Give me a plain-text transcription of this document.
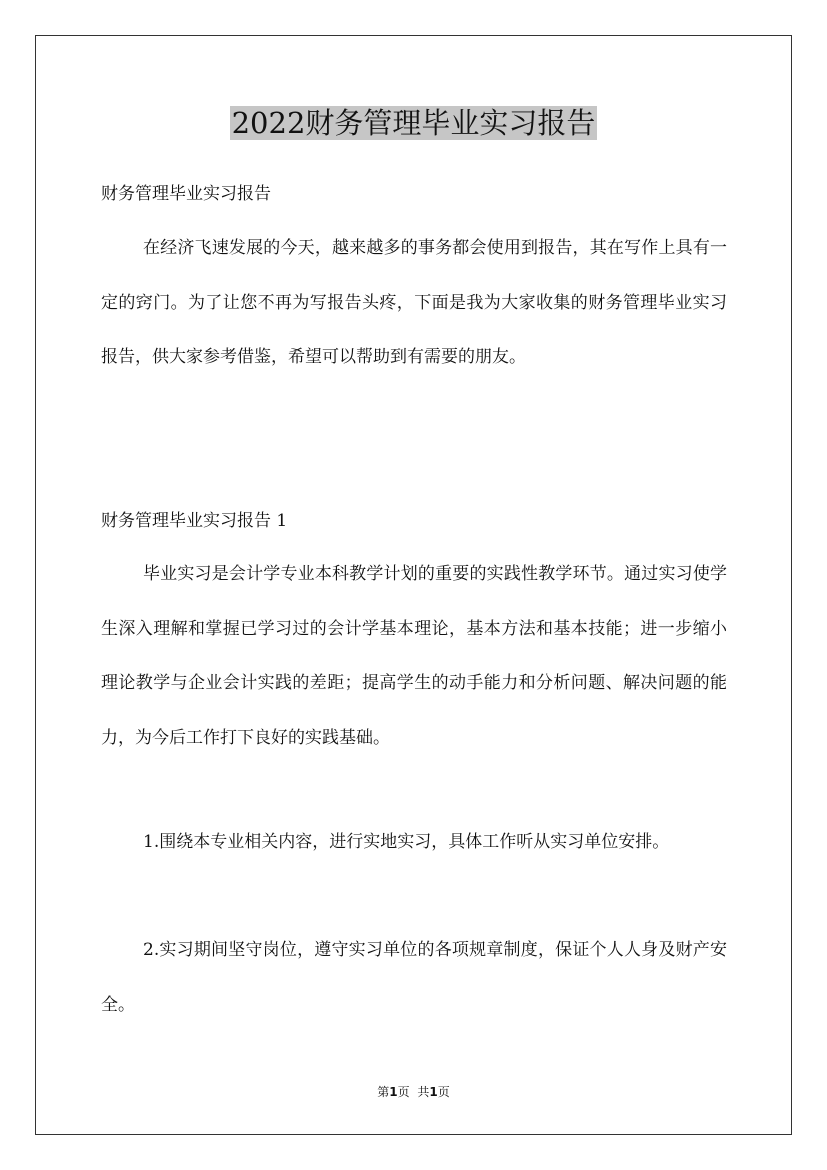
2022财务管理毕业实习报告
财务管理毕业实习报告

在经济飞速发展的今天，越来越多的事务都会使用到报告，其在写作上具有一定的窍门。为了让您不再为写报告头疼，下面是我为大家收集的财务管理毕业实习报告，供大家参考借鉴，希望可以帮助到有需要的朋友。

财务管理毕业实习报告 1

毕业实习是会计学专业本科教学计划的重要的实践性教学环节。通过实习使学生深入理解和掌握已学习过的会计学基本理论，基本方法和基本技能；进一步缩小理论教学与企业会计实践的差距；提高学生的动手能力和分析问题、解决问题的能力，为今后工作打下良好的实践基础。

1.围绕本专业相关内容，进行实地实习，具体工作听从实习单位安排。

2.实习期间坚守岗位，遵守实习单位的各项规章制度，保证个人人身及财产安全。

第1页 共1页
